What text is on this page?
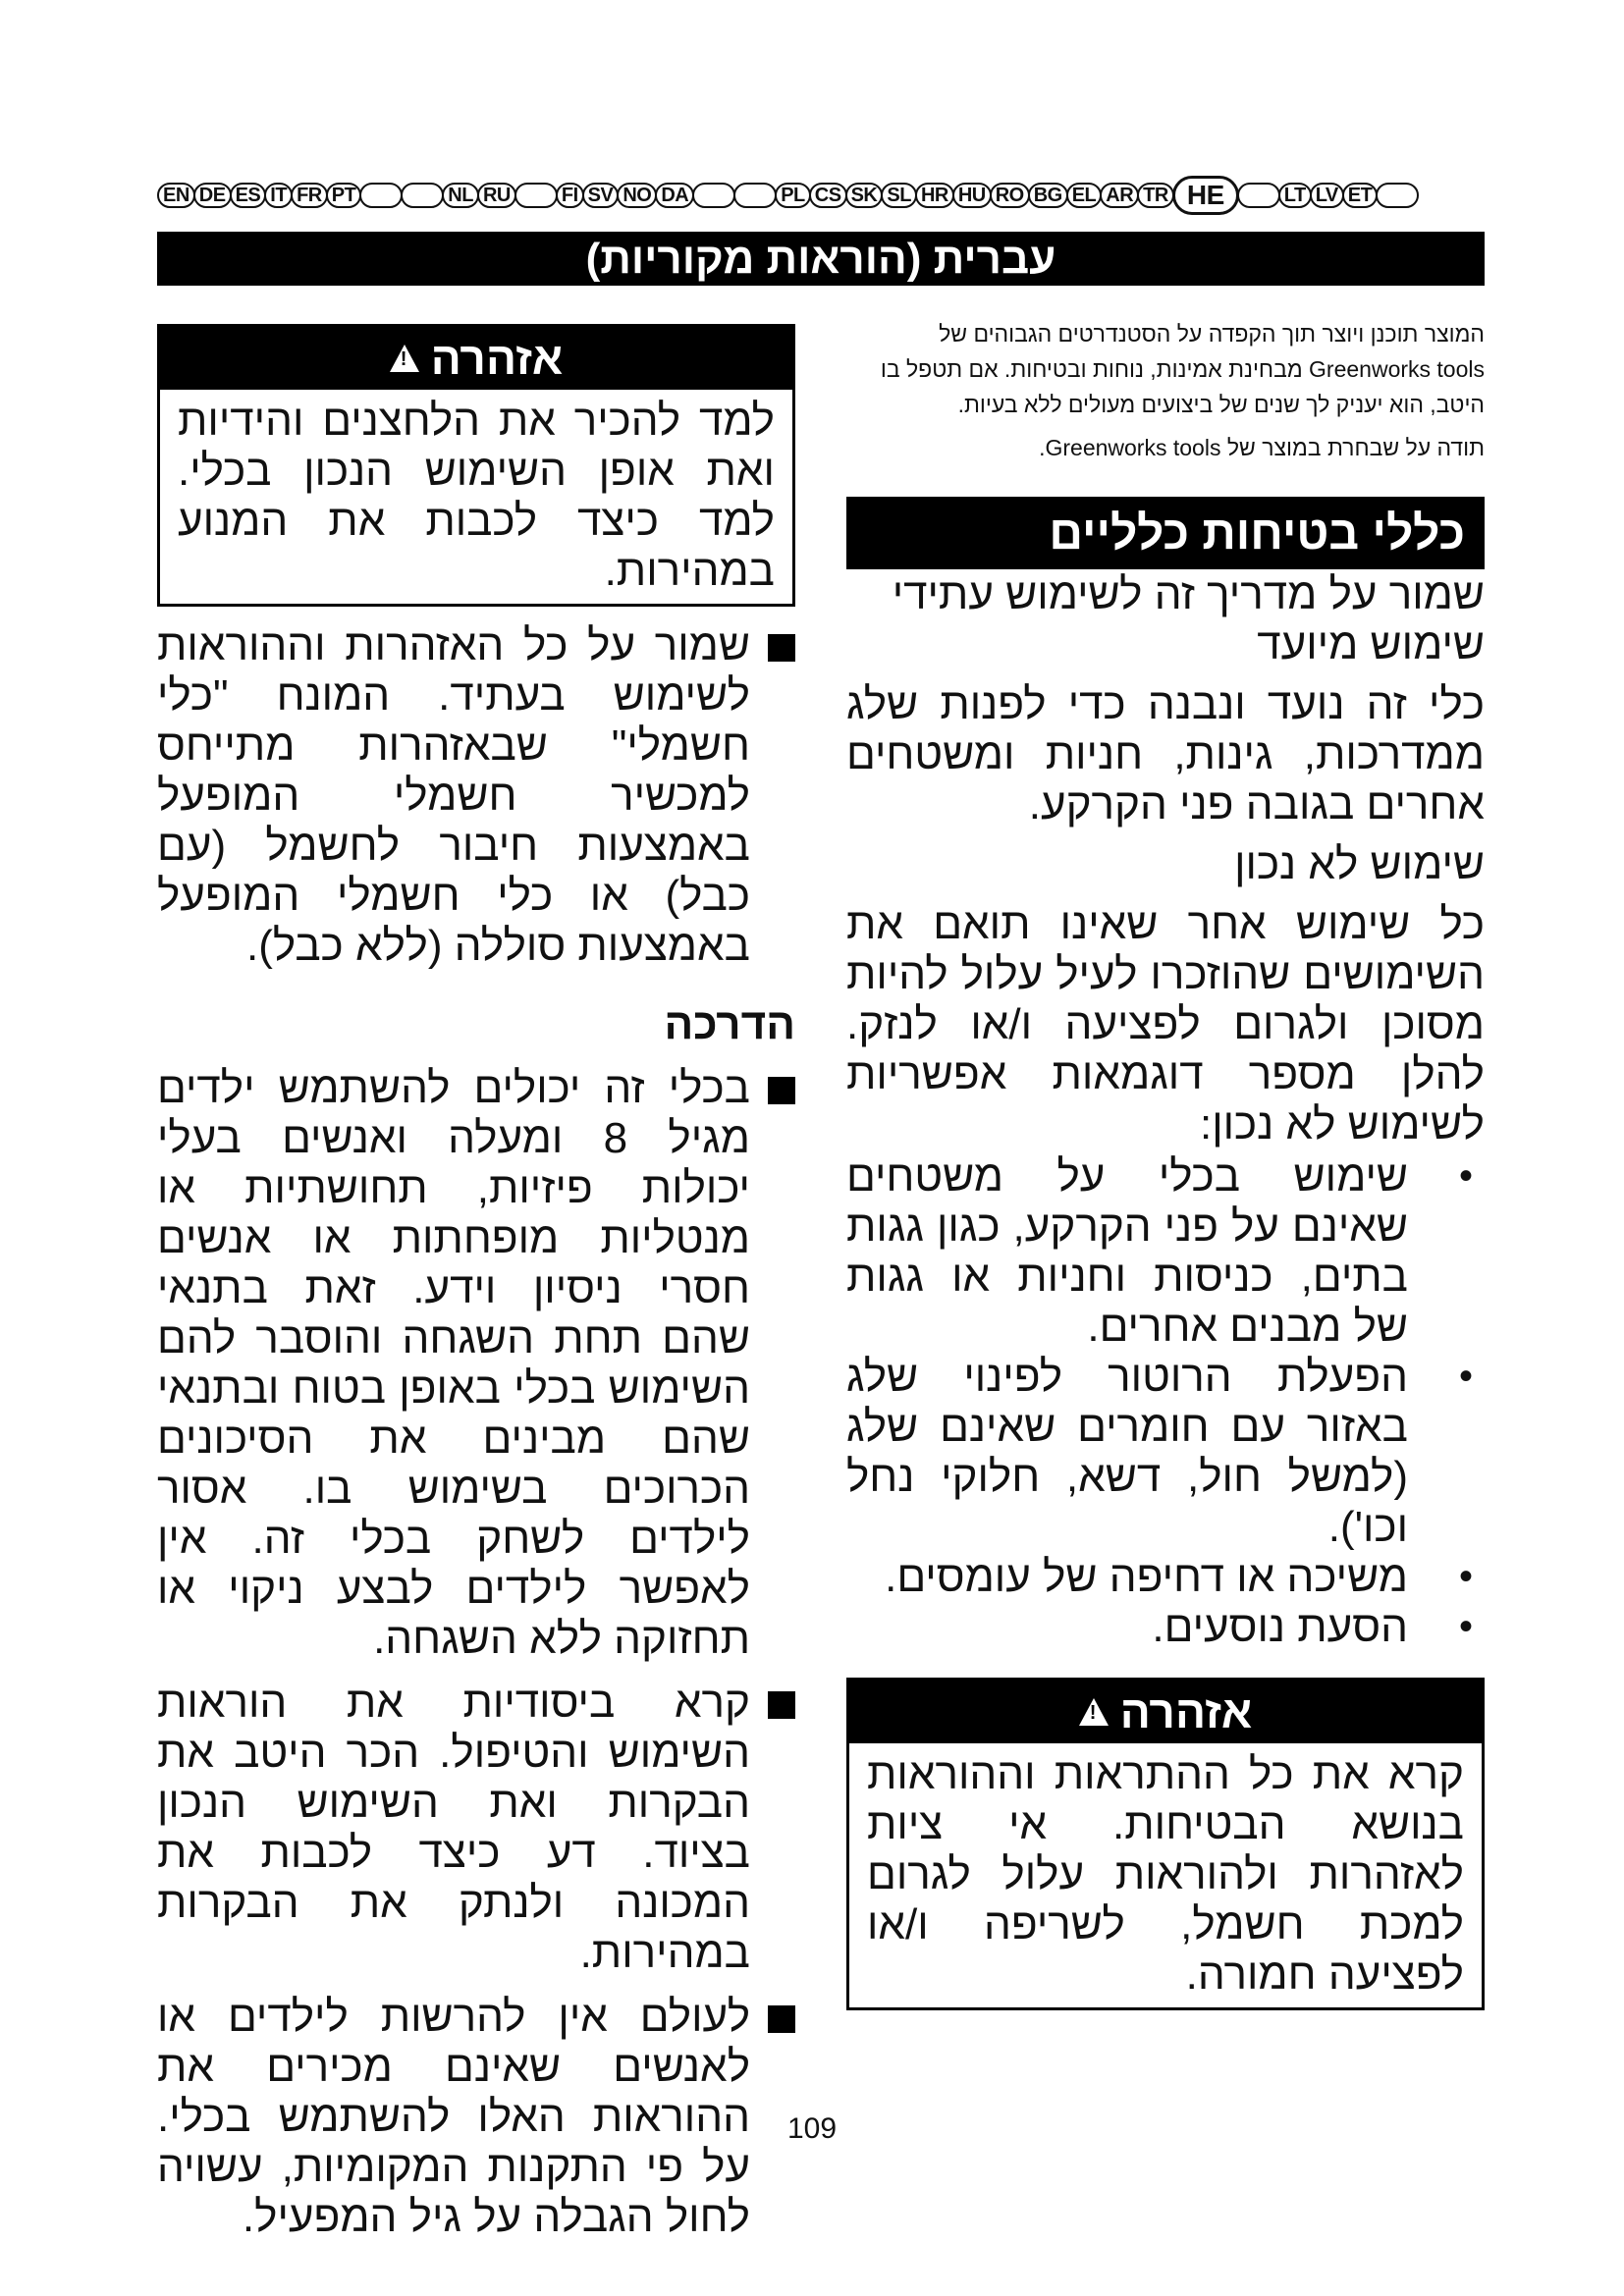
EN DE ES IT FR PT	NL RU	FI SV NO DA	PL CS SK SL HR HU RO BG EL AR TR HE	LT LV ET
עברית (הוראות מקוריות)

המוצר תוכנן ויוצר תוך הקפדה על הסטנדרטים הגבוהים של Greenworks tools מבחינת אמינות, נוחות ובטיחות. אם תטפל בו היטב, הוא יעניק לך שנים של ביצועים מעולים ללא בעיות.

תודה על שבחרת במוצר של Greenworks tools.

כללי בטיחות כלליים

שמור על מדריך זה לשימוש עתידי

שימוש מיועד

כלי זה נועד ונבנה כדי לפנות שלג ממדרכות, גינות, חניות ומשטחים אחרים בגובה פני הקרקע.

שימוש לא נכון

כל שימוש אחר שאינו תואם את השימושים שהוזכרו לעיל עלול להיות מסוכן ולגרום לפציעה ו/או לנזק. להלן מספר דוגמאות אפשריות לשימוש לא נכון:

• שימוש בכלי על משטחים שאינם על פני הקרקע, כגון גגות בתים, כניסות וחניות או גגות של מבנים אחרים.
• הפעלת הרוטור לפינוי שלג באזור עם חומרים שאינם שלג (למשל חול, דשא, חלוקי נחל וכו').
• משיכה או דחיפה של עומסים.
• הסעת נוסעים.
אזהרה
!
קרא את כל ההתראות וההוראות בנושא הבטיחות. אי ציות לאזהרות ולהוראות עלול לגרום למכת חשמל, לשריפה ו/או לפציעה חמורה.
אזהרה
!
למד להכיר את הלחצנים והידיות ואת אופן השימוש הנכון בכלי. למד כיצד לכבות את המנוע במהירות.
שמור על כל האזהרות וההוראות לשימוש בעתיד. המונח "כלי חשמלי" שבאזהרות מתייחס למכשיר חשמלי המופעל באמצעות חיבור לחשמל (עם כבל) או כלי חשמלי המופעל באמצעות סוללה (ללא כבל).
הדרכה
בכלי זה יכולים להשתמש ילדים מגיל 8 ומעלה ואנשים בעלי יכולות פיזיות, תחושתיות או מנטליות מופחתות או אנשים חסרי ניסיון וידע. זאת בתנאי שהם תחת השגחה והוסבר להם השימוש בכלי באופן בטוח ובתנאי שהם מבינים את הסיכונים הכרוכים בשימוש בו. אסור לילדים לשחק בכלי זה. אין לאפשר לילדים לבצע ניקוי או תחזוקה ללא השגחה.
קרא ביסודיות את הוראות השימוש והטיפול. הכר היטב את הבקרות ואת השימוש הנכון בציוד. דע כיצד לכבות את המכונה ולנתק את הבקרות במהירות.
לעולם אין להרשות לילדים או לאנשים שאינם מכירים את ההוראות האלו להשתמש בכלי. על פי התקנות המקומיות, עשויה לחול הגבלה על גיל המפעיל.
109
